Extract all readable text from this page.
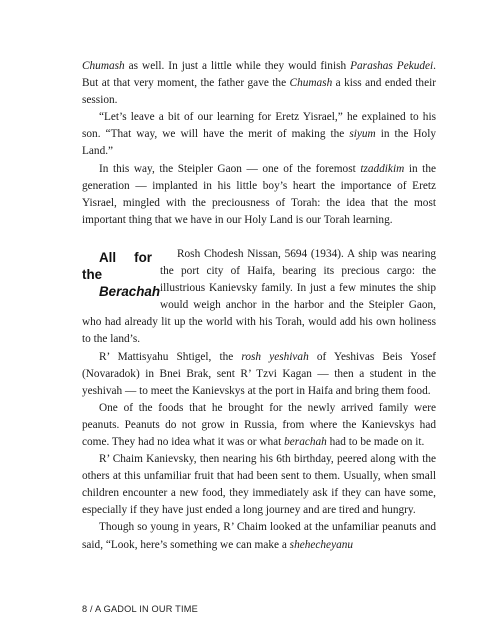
Chumash as well. In just a little while they would finish Parashas Pekudei. But at that very moment, the father gave the Chumash a kiss and ended their session.

“Let’s leave a bit of our learning for Eretz Yisrael,” he explained to his son. “That way, we will have the merit of making the siyum in the Holy Land.”

In this way, the Steipler Gaon — one of the foremost tzaddikim in the generation — implanted in his little boy’s heart the importance of Eretz Yisrael, mingled with the preciousness of Torah: the idea that the most important thing that we have in our Holy Land is our Torah learning.

All for the
Berachah
Rosh Chodesh Nissan, 5694 (1934). A ship was nearing the port city of Haifa, bearing its precious cargo: the illustrious Kanievsky family. In just a few minutes the ship would weigh anchor in the harbor and the Steipler Gaon, who had already lit up the world with his Torah, would add his own holiness to the land’s.

R’ Mattisyahu Shtigel, the rosh yeshivah of Yeshivas Beis Yosef (Novaradok) in Bnei Brak, sent R’ Tzvi Kagan — then a student in the yeshivah — to meet the Kanievskys at the port in Haifa and bring them food.

One of the foods that he brought for the newly arrived family were peanuts. Peanuts do not grow in Russia, from where the Kanievskys had come. They had no idea what it was or what berachah had to be made on it.

R’ Chaim Kanievsky, then nearing his 6th birthday, peered along with the others at this unfamiliar fruit that had been sent to them. Usually, when small children encounter a new food, they immediately ask if they can have some, especially if they have just ended a long journey and are tired and hungry.

Though so young in years, R’ Chaim looked at the unfamiliar peanuts and said, “Look, here’s something we can make a shehecheyanu

8 / A GADOL IN OUR TIME
